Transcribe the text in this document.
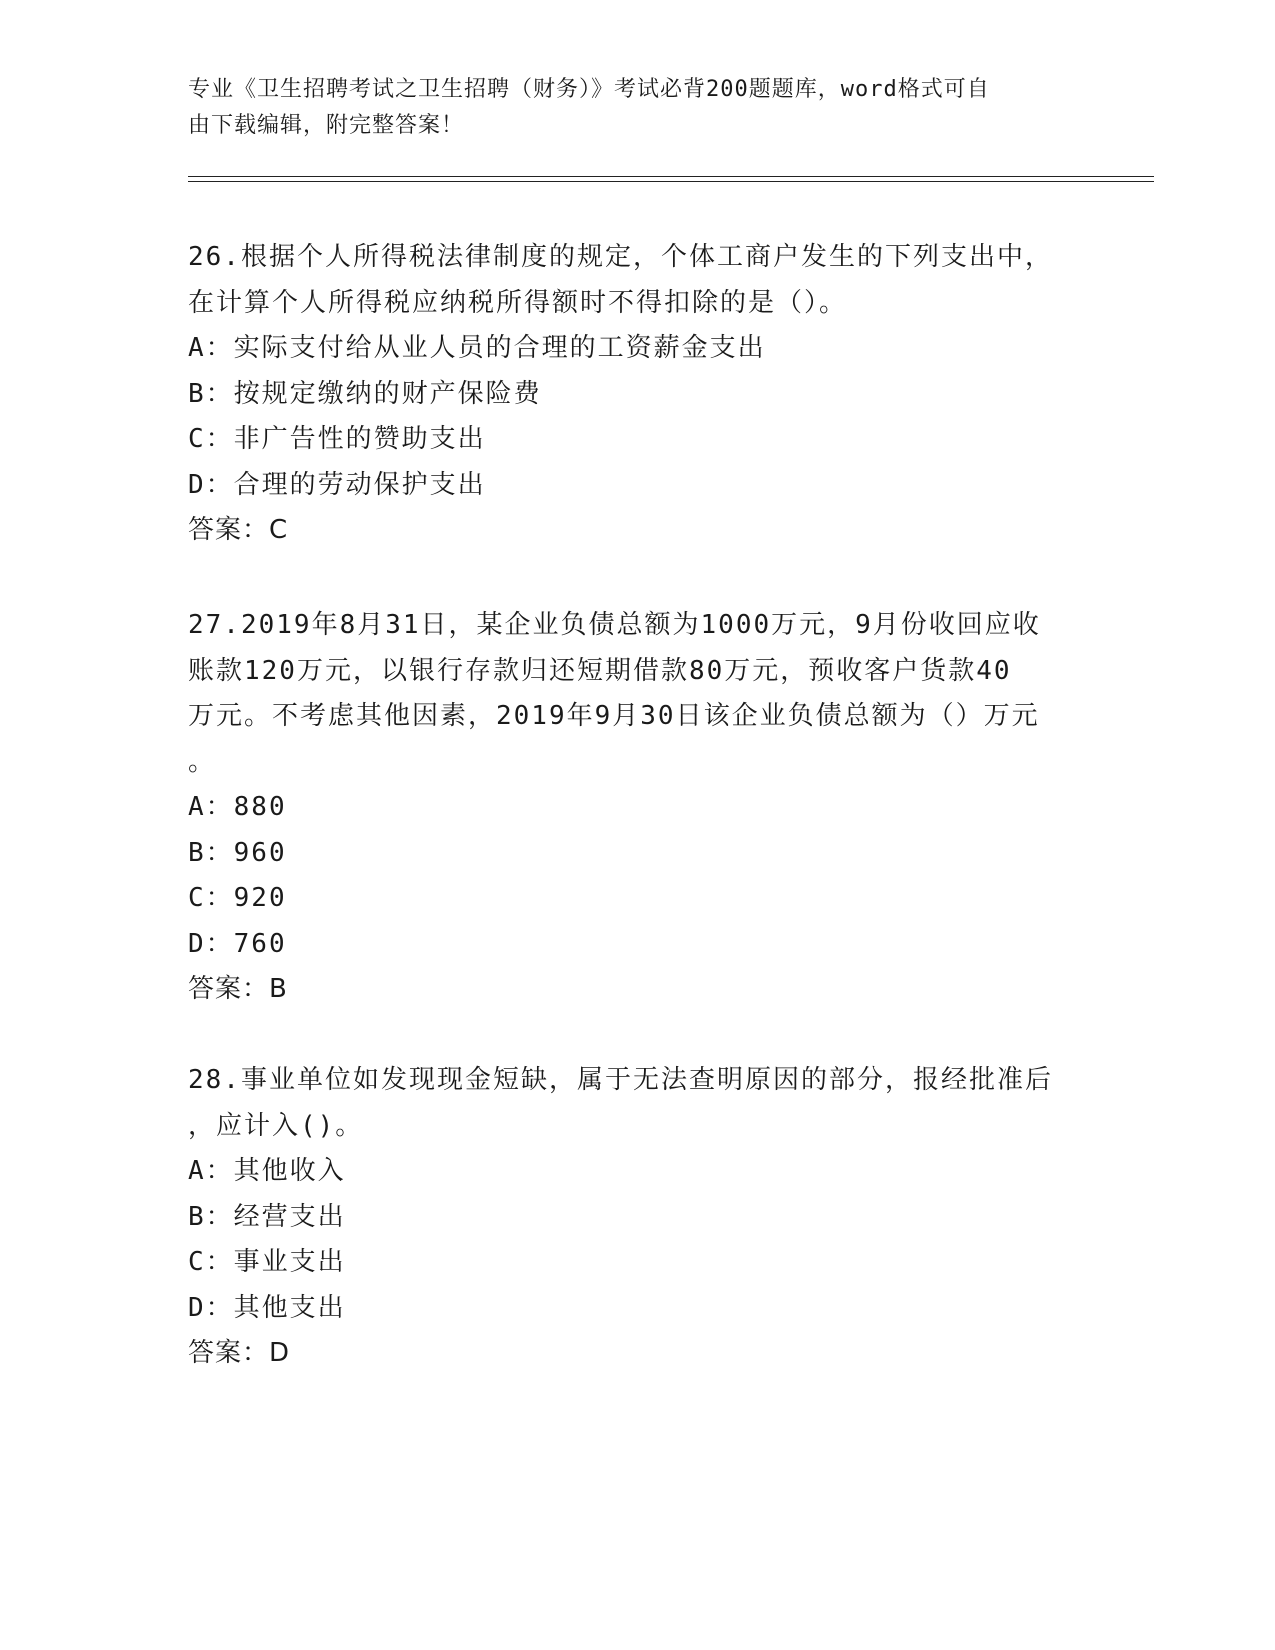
专业《卫生招聘考试之卫生招聘（财务）》考试必背200题题库，word格式可自
由下载编辑，附完整答案！

26.根据个人所得税法律制度的规定，个体工商户发生的下列支出中，

在计算个人所得税应纳税所得额时不得扣除的是（）。

A：实际支付给从业人员的合理的工资薪金支出

B：按规定缴纳的财产保险费

C：非广告性的赞助支出

D：合理的劳动保护支出

答案：C

27.2019年8月31日，某企业负债总额为1000万元，9月份收回应收

账款120万元，以银行存款归还短期借款80万元，预收客户货款40

万元。不考虑其他因素，2019年9月30日该企业负债总额为（）万元

。

A：880

B：960

C：920

D：760

答案：B

28.事业单位如发现现金短缺，属于无法查明原因的部分，报经批准后

，应计入()。

A：其他收入

B：经营支出

C：事业支出

D：其他支出

答案：D
